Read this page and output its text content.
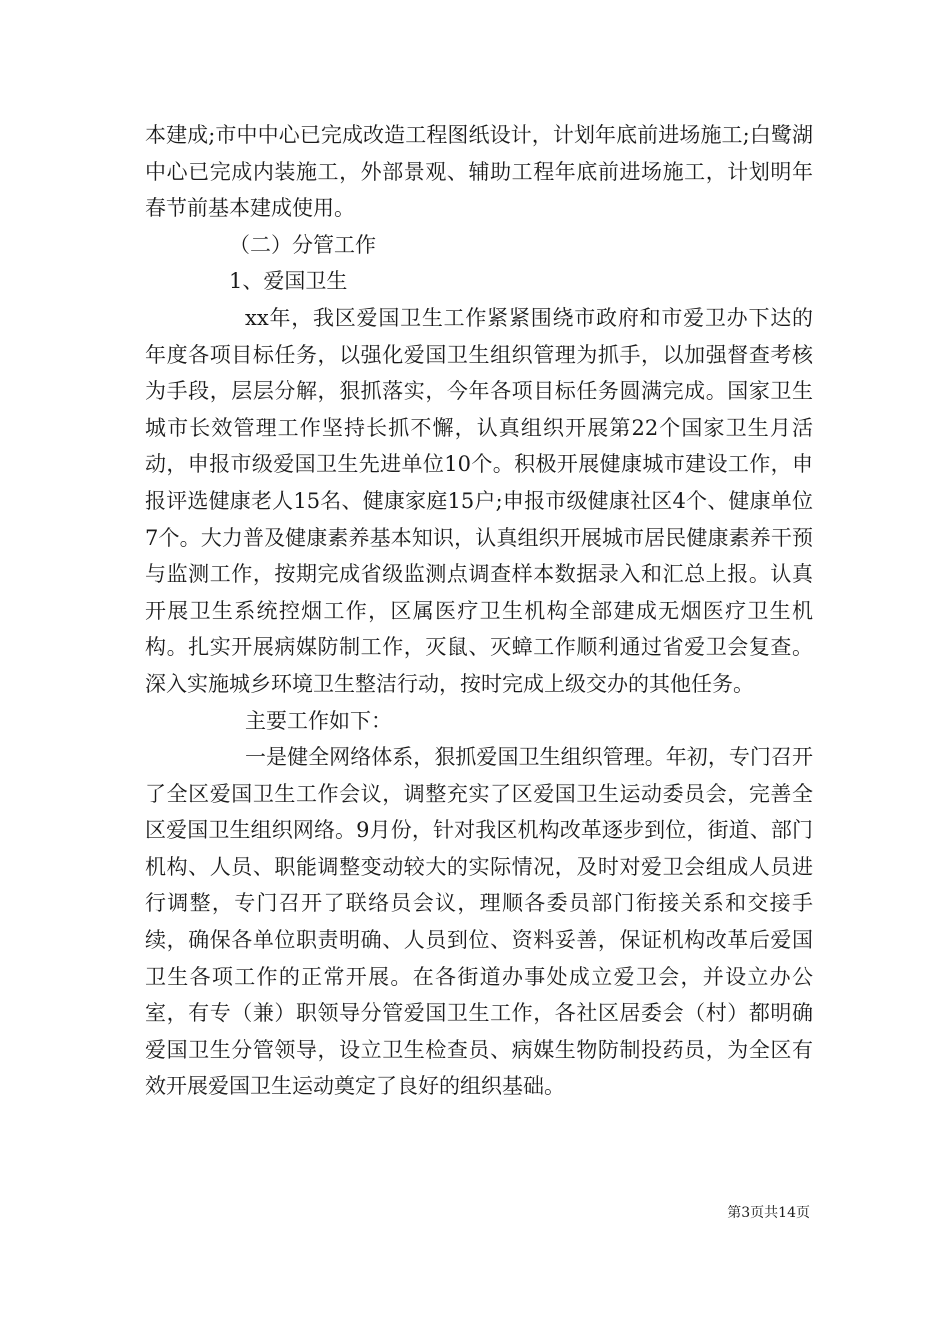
本建成;市中中心已完成改造工程图纸设计，计划年底前进场施工;白鹭湖中心已完成内装施工，外部景观、辅助工程年底前进场施工，计划明年春节前基本建成使用。

（二）分管工作

1、爱国卫生

xx年，我区爱国卫生工作紧紧围绕市政府和市爱卫办下达的年度各项目标任务，以强化爱国卫生组织管理为抓手，以加强督查考核为手段，层层分解，狠抓落实，今年各项目标任务圆满完成。国家卫生城市长效管理工作坚持长抓不懈，认真组织开展第22个国家卫生月活动，申报市级爱国卫生先进单位10个。积极开展健康城市建设工作，申报评选健康老人15名、健康家庭15户;申报市级健康社区4个、健康单位7个。大力普及健康素养基本知识，认真组织开展城市居民健康素养干预与监测工作，按期完成省级监测点调查样本数据录入和汇总上报。认真开展卫生系统控烟工作，区属医疗卫生机构全部建成无烟医疗卫生机构。扎实开展病媒防制工作，灭鼠、灭蟑工作顺利通过省爱卫会复查。深入实施城乡环境卫生整洁行动，按时完成上级交办的其他任务。

主要工作如下：

一是健全网络体系，狠抓爱国卫生组织管理。年初，专门召开了全区爱国卫生工作会议，调整充实了区爱国卫生运动委员会，完善全区爱国卫生组织网络。9月份，针对我区机构改革逐步到位，街道、部门机构、人员、职能调整变动较大的实际情况，及时对爱卫会组成人员进行调整，专门召开了联络员会议，理顺各委员部门衔接关系和交接手续，确保各单位职责明确、人员到位、资料妥善，保证机构改革后爱国卫生各项工作的正常开展。在各街道办事处成立爱卫会，并设立办公室，有专（兼）职领导分管爱国卫生工作，各社区居委会（村）都明确爱国卫生分管领导，设立卫生检查员、病媒生物防制投药员，为全区有效开展爱国卫生运动奠定了良好的组织基础。

第3页共14页
